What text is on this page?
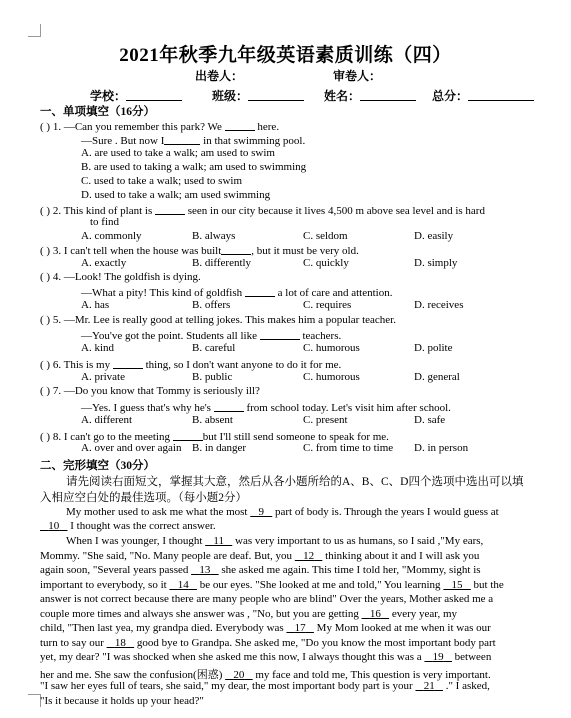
2021年秋季九年级英语素质训练（四）
出卷人：	审卷人：
学校：	班级：	姓名：	总分：
一、单项填空（16分）
( ) 1. —Can you remember this park? We	here.
—Sure . But now I	in that swimming pool.
A. are used to take a walk; am used to swim
B. are used to taking a walk; am used to swimming
C. used to take a walk; used to swim
D. used to take a walk; am used swimming
( ) 2. This kind of plant is	seen in our city because it lives 4,500 m above sea level and is hard
to find
A. commonly	B. always	C. seldom	D. easily
( ) 3. I can't tell when the house was built	, but it must be very old.
A. exactly	B. differently	C. quickly	D. simply
( ) 4. —Look! The goldfish is dying.
—What a pity! This kind of goldfish	a lot of care and attention.
A. has	B. offers	C. requires	D. receives
( ) 5. —Mr. Lee is really good at telling jokes. This makes him a popular teacher.
—You've got the point. Students all like	teachers.
A. kind	B. careful	C. humorous	D. polite
( ) 6. This is my	thing, so I don't want anyone to do it for me.
A. private	B. public	C. humorous	D. general
( ) 7. —Do you know that Tommy is seriously ill?
—Yes. I guess that's why he's	from school today. Let's visit him after school.
A. different	B. absent	C. present	D. safe
( ) 8. I can't go to the meeting	but I'll still send someone to speak for me.
A. over and over again B. in danger	C. from time to time	D. in person
二、完形填空（30分）
请先阅读右面短文，掌握其大意，然后从各小题所给的A、B、C、D四个选项中选出可以填
入相应空白处的最佳选项。（每小题2分）
My mother used to ask me what the most    9    part of body is. Through the years I would guess at
10    I thought was the correct answer.
When I was younger, I thought    11    was very important to us as humans, so I said ,"My ears,
Mommy. "She said, "No. Many people are deaf. But, you    12    thinking about it and I will ask you
again soon, "Several years passed    13    she asked me again. This time I told her, "Mommy, sight is
important to everybody, so it    14    be our eyes. "She looked at me and told," You learning    15    but the
answer is not correct because there are many people who are blind" Over the years, Mother asked me a
couple more times and always she answer was , "No, but you are getting    16    every year, my
child, "Then last yea, my grandpa died. Everybody was    17    My Mom looked at me when it was our
turn to say our    18    good bye to Grandpa. She asked me, "Do you know the most important body part
yet, my dear? "I was shocked when she asked me this now, I always thought this was a    19    between
her and me. She saw the confusion(困惑)    20    my face and told me, This question is very important.
"I saw her eyes full of tears, she said," my dear, the most important body part is your    21    ." I asked,
"Is it because it holds up your head?"
